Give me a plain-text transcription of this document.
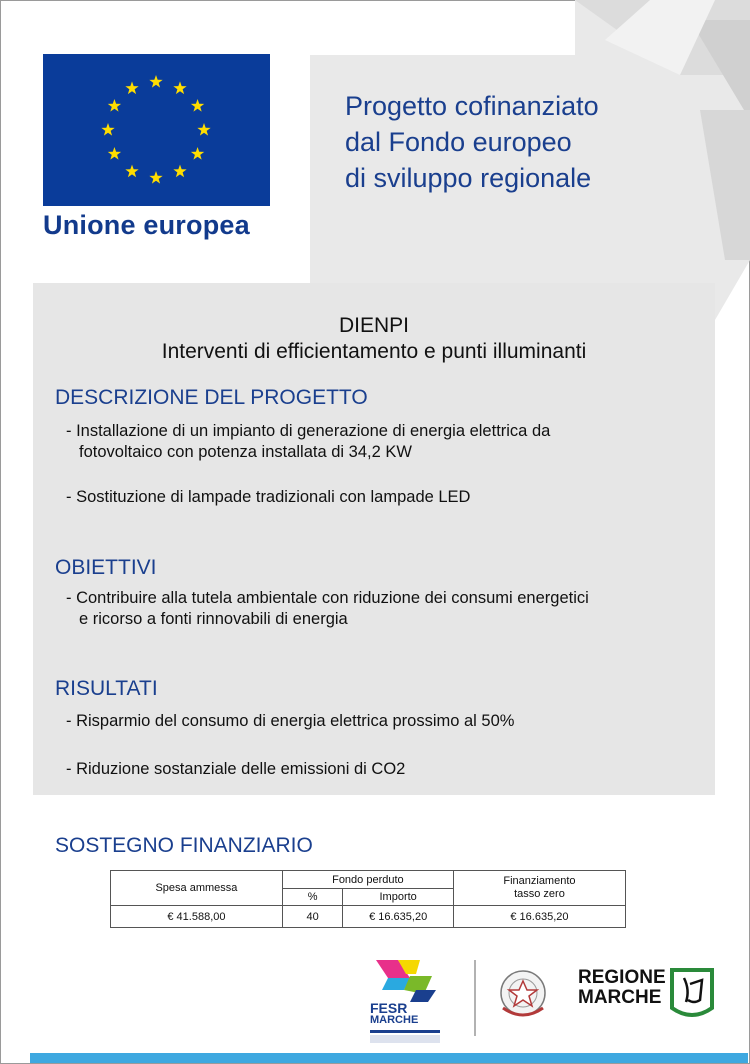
Unione europea
Progetto cofinanziato
dal Fondo europeo
di sviluppo regionale
DIENPI
Interventi di efficientamento e punti illuminanti
DESCRIZIONE DEL PROGETTO
- Installazione di un impianto di generazione di energia elettrica da
fotovoltaico con potenza installata di 34,2 KW
- Sostituzione di lampade tradizionali con lampade LED
OBIETTIVI
- Contribuire alla tutela ambientale con riduzione dei consumi energetici
e ricorso a fonti rinnovabili di energia
RISULTATI
- Risparmio del consumo di energia elettrica prossimo al 50%
- Riduzione sostanziale delle emissioni di CO2
SOSTEGNO FINANZIARIO
Spesa ammessa	Fondo perduto		Finanziamento
tasso zero

	%	Importo	
€ 41.588,00	40	€ 16.635,20	€ 16.635,20
FESR
MARCHE
REGIONE
MARCHE
